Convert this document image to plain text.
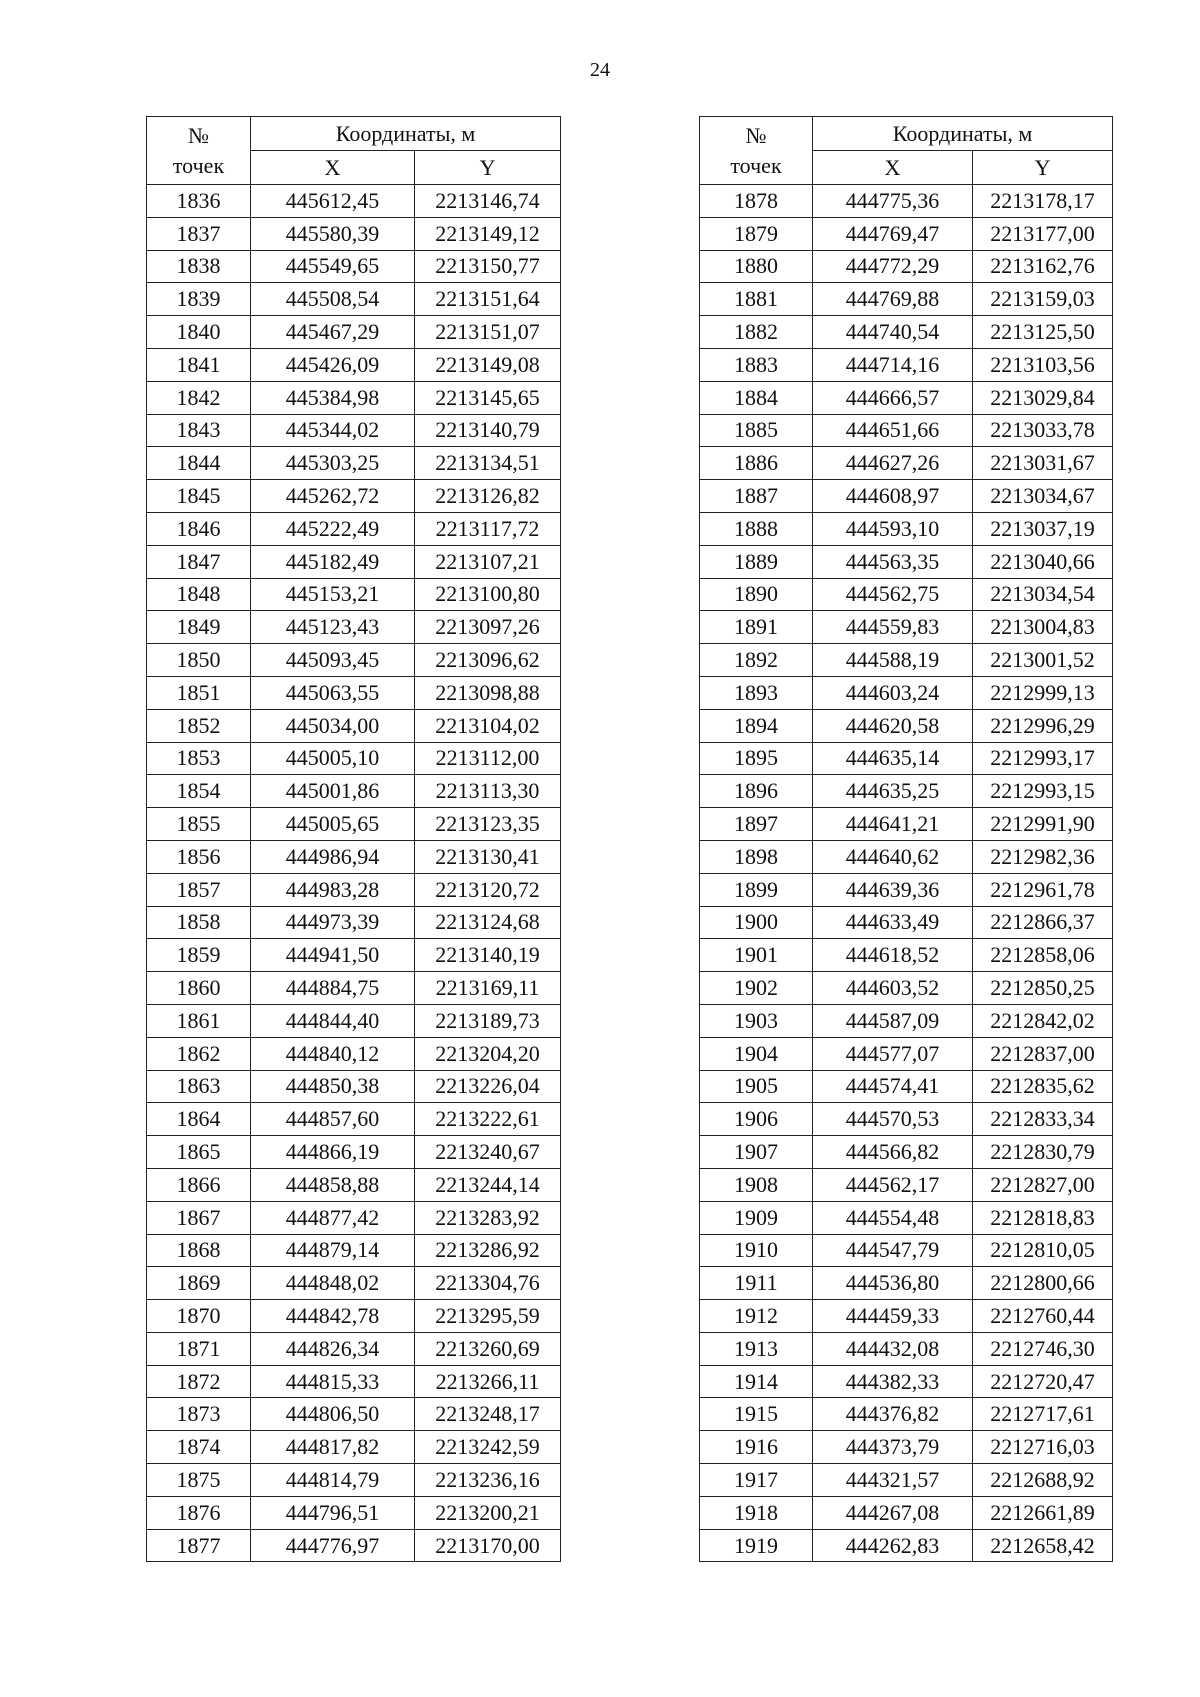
24
№
точек	Координаты, м	
	X	Y
1836	445612,45	2213146,74
1837	445580,39	2213149,12
1838	445549,65	2213150,77
1839	445508,54	2213151,64
1840	445467,29	2213151,07
1841	445426,09	2213149,08
1842	445384,98	2213145,65
1843	445344,02	2213140,79
1844	445303,25	2213134,51
1845	445262,72	2213126,82
1846	445222,49	2213117,72
1847	445182,49	2213107,21
1848	445153,21	2213100,80
1849	445123,43	2213097,26
1850	445093,45	2213096,62
1851	445063,55	2213098,88
1852	445034,00	2213104,02
1853	445005,10	2213112,00
1854	445001,86	2213113,30
1855	445005,65	2213123,35
1856	444986,94	2213130,41
1857	444983,28	2213120,72
1858	444973,39	2213124,68
1859	444941,50	2213140,19
1860	444884,75	2213169,11
1861	444844,40	2213189,73
1862	444840,12	2213204,20
1863	444850,38	2213226,04
1864	444857,60	2213222,61
1865	444866,19	2213240,67
1866	444858,88	2213244,14
1867	444877,42	2213283,92
1868	444879,14	2213286,92
1869	444848,02	2213304,76
1870	444842,78	2213295,59
1871	444826,34	2213260,69
1872	444815,33	2213266,11
1873	444806,50	2213248,17
1874	444817,82	2213242,59
1875	444814,79	2213236,16
1876	444796,51	2213200,21
1877	444776,97	2213170,00
№
точек	Координаты, м	
	X	Y
1878	444775,36	2213178,17
1879	444769,47	2213177,00
1880	444772,29	2213162,76
1881	444769,88	2213159,03
1882	444740,54	2213125,50
1883	444714,16	2213103,56
1884	444666,57	2213029,84
1885	444651,66	2213033,78
1886	444627,26	2213031,67
1887	444608,97	2213034,67
1888	444593,10	2213037,19
1889	444563,35	2213040,66
1890	444562,75	2213034,54
1891	444559,83	2213004,83
1892	444588,19	2213001,52
1893	444603,24	2212999,13
1894	444620,58	2212996,29
1895	444635,14	2212993,17
1896	444635,25	2212993,15
1897	444641,21	2212991,90
1898	444640,62	2212982,36
1899	444639,36	2212961,78
1900	444633,49	2212866,37
1901	444618,52	2212858,06
1902	444603,52	2212850,25
1903	444587,09	2212842,02
1904	444577,07	2212837,00
1905	444574,41	2212835,62
1906	444570,53	2212833,34
1907	444566,82	2212830,79
1908	444562,17	2212827,00
1909	444554,48	2212818,83
1910	444547,79	2212810,05
1911	444536,80	2212800,66
1912	444459,33	2212760,44
1913	444432,08	2212746,30
1914	444382,33	2212720,47
1915	444376,82	2212717,61
1916	444373,79	2212716,03
1917	444321,57	2212688,92
1918	444267,08	2212661,89
1919	444262,83	2212658,42
